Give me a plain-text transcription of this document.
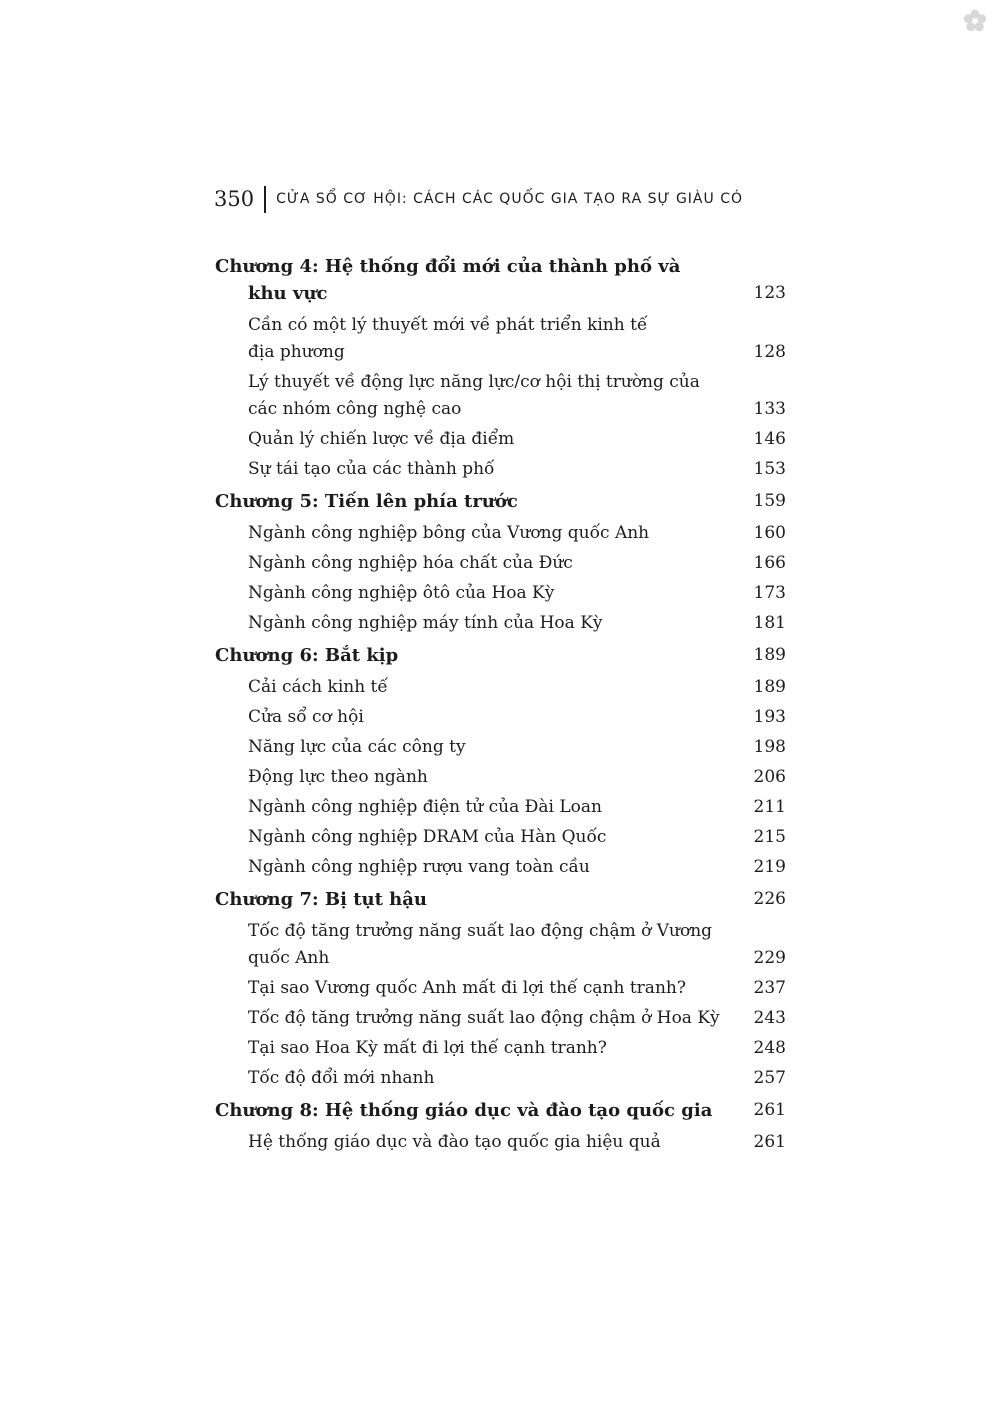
350 CỬA SỔ CƠ HỘI: CÁCH CÁC QUỐC GIA TẠO RA SỰ GIÀU CÓ
Chương 4: Hệ thống đổi mới của thành phố và
khu vực	123
Cần có một lý thuyết mới về phát triển kinh tế
địa phương	128
Lý thuyết về động lực năng lực/cơ hội thị trường của
các nhóm công nghệ cao	133
Quản lý chiến lược về địa điểm	146
Sự tái tạo của các thành phố	153
Chương 5: Tiến lên phía trước	159
Ngành công nghiệp bông của Vương quốc Anh	160
Ngành công nghiệp hóa chất của Đức	166
Ngành công nghiệp ôtô của Hoa Kỳ	173
Ngành công nghiệp máy tính của Hoa Kỳ	181
Chương 6: Bắt kịp	189
Cải cách kinh tế	189
Cửa sổ cơ hội	193
Năng lực của các công ty	198
Động lực theo ngành	206
Ngành công nghiệp điện tử của Đài Loan	211
Ngành công nghiệp DRAM của Hàn Quốc	215
Ngành công nghiệp rượu vang toàn cầu	219
Chương 7: Bị tụt hậu	226
Tốc độ tăng trưởng năng suất lao động chậm ở Vương
quốc Anh	229
Tại sao Vương quốc Anh mất đi lợi thế cạnh tranh?	237
Tốc độ tăng trưởng năng suất lao động chậm ở Hoa Kỳ 243
Tại sao Hoa Kỳ mất đi lợi thế cạnh tranh?	248
Tốc độ đổi mới nhanh	257
Chương 8: Hệ thống giáo dục và đào tạo quốc gia 261
Hệ thống giáo dục và đào tạo quốc gia hiệu quả	261
